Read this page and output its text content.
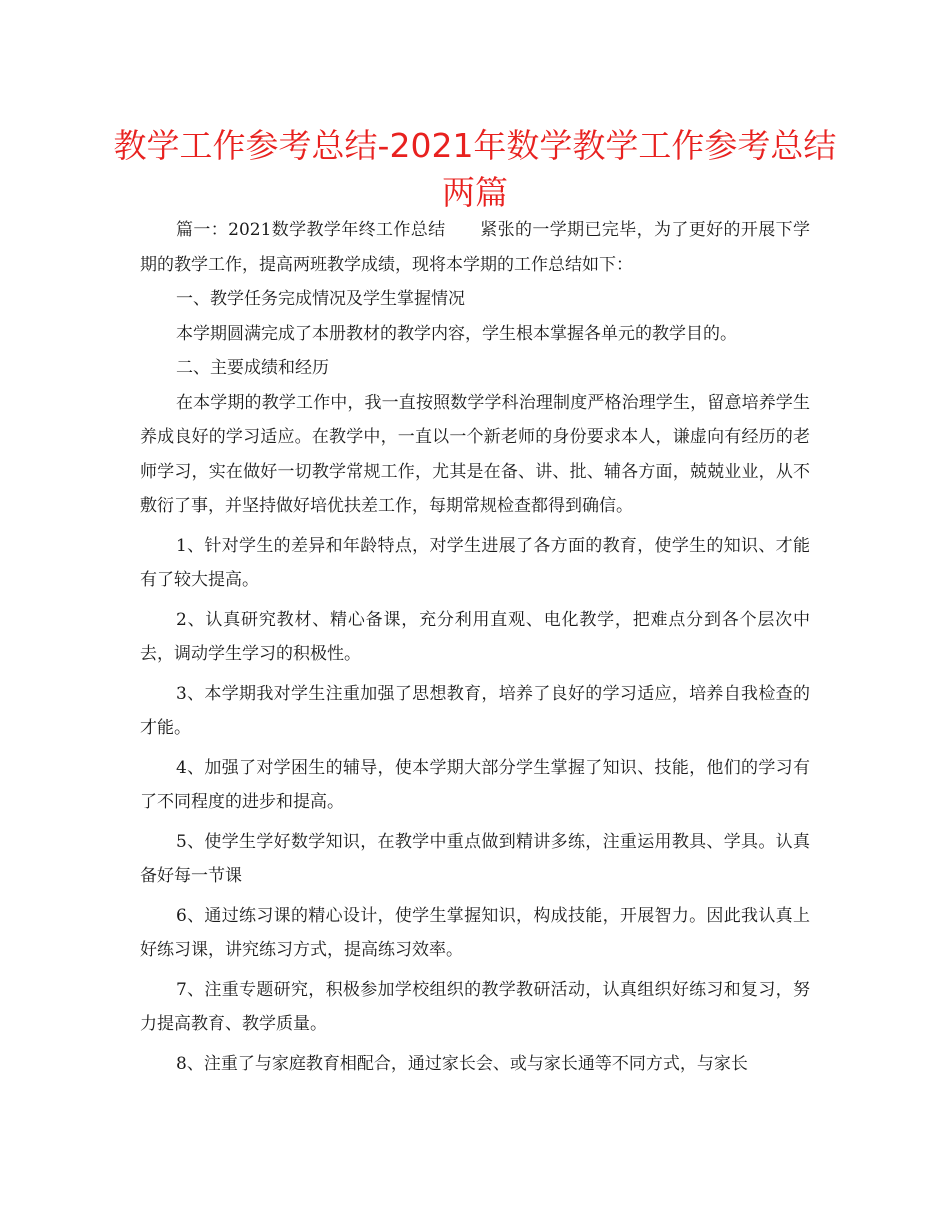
教学工作参考总结-2021年数学教学工作参考总结两篇

篇一：2021数学教学年终工作总结　　紧张的一学期已完毕，为了更好的开展下学期的教学工作，提高两班教学成绩，现将本学期的工作总结如下：

一、教学任务完成情况及学生掌握情况

本学期圆满完成了本册教材的教学内容，学生根本掌握各单元的教学目的。

二、主要成绩和经历

在本学期的教学工作中，我一直按照数学学科治理制度严格治理学生，留意培养学生养成良好的学习适应。在教学中，一直以一个新老师的身份要求本人，谦虚向有经历的老师学习，实在做好一切教学常规工作，尤其是在备、讲、批、辅各方面，兢兢业业，从不敷衍了事，并坚持做好培优扶差工作，每期常规检查都得到确信。

1、针对学生的差异和年龄特点，对学生进展了各方面的教育，使学生的知识、才能有了较大提高。

2、认真研究教材、精心备课，充分利用直观、电化教学，把难点分到各个层次中去，调动学生学习的积极性。

3、本学期我对学生注重加强了思想教育，培养了良好的学习适应，培养自我检查的才能。

4、加强了对学困生的辅导，使本学期大部分学生掌握了知识、技能，他们的学习有了不同程度的进步和提高。

5、使学生学好数学知识，在教学中重点做到精讲多练，注重运用教具、学具。认真备好每一节课

6、通过练习课的精心设计，使学生掌握知识，构成技能，开展智力。因此我认真上好练习课，讲究练习方式，提高练习效率。

7、注重专题研究，积极参加学校组织的教学教研活动，认真组织好练习和复习，努力提高教育、教学质量。

8、注重了与家庭教育相配合，通过家长会、或与家长通等不同方式，与家长
